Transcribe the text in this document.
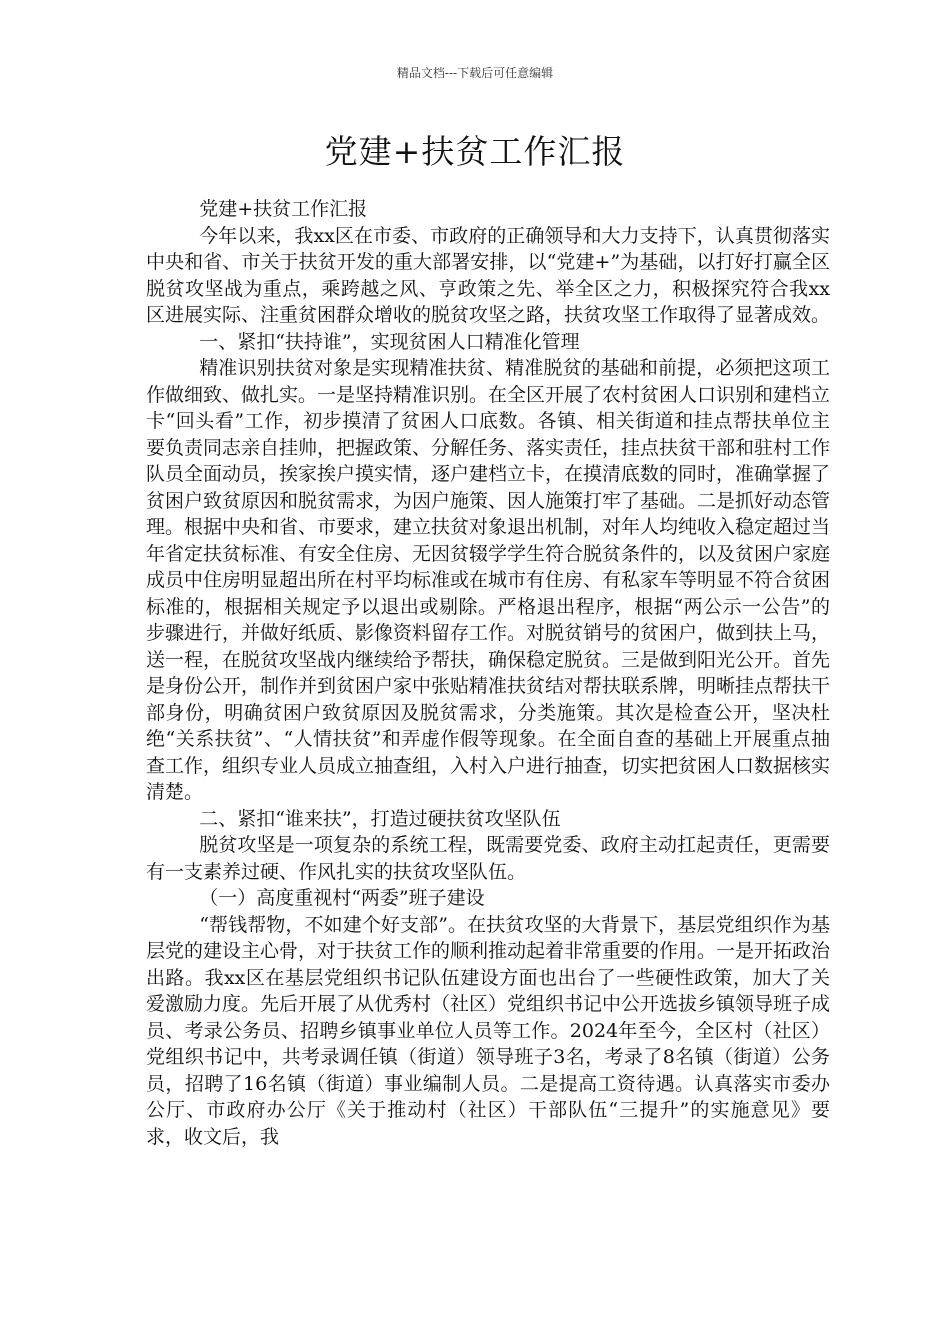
精品文档---下载后可任意编辑
党建+扶贫工作汇报

党建+扶贫工作汇报

今年以来，我xx区在市委、市政府的正确领导和大力支持下，认真贯彻落实中央和省、市关于扶贫开发的重大部署安排，以“党建+”为基础，以打好打赢全区脱贫攻坚战为重点，乘跨越之风、亨政策之先、举全区之力，积极探究符合我xx区进展实际、注重贫困群众增收的脱贫攻坚之路，扶贫攻坚工作取得了显著成效。

一、紧扣“扶持谁”，实现贫困人口精准化管理

精准识别扶贫对象是实现精准扶贫、精准脱贫的基础和前提，必须把这项工作做细致、做扎实。一是坚持精准识别。在全区开展了农村贫困人口识别和建档立卡“回头看”工作，初步摸清了贫困人口底数。各镇、相关街道和挂点帮扶单位主要负责同志亲自挂帅，把握政策、分解任务、落实责任，挂点扶贫干部和驻村工作队员全面动员，挨家挨户摸实情，逐户建档立卡，在摸清底数的同时，准确掌握了贫困户致贫原因和脱贫需求，为因户施策、因人施策打牢了基础。二是抓好动态管理。根据中央和省、市要求，建立扶贫对象退出机制，对年人均纯收入稳定超过当年省定扶贫标准、有安全住房、无因贫辍学学生符合脱贫条件的，以及贫困户家庭成员中住房明显超出所在村平均标准或在城市有住房、有私家车等明显不符合贫困标准的，根据相关规定予以退出或剔除。严格退出程序，根据“两公示一公告”的步骤进行，并做好纸质、影像资料留存工作。对脱贫销号的贫困户，做到扶上马，送一程，在脱贫攻坚战内继续给予帮扶，确保稳定脱贫。三是做到阳光公开。首先是身份公开，制作并到贫困户家中张贴精准扶贫结对帮扶联系牌，明晰挂点帮扶干部身份，明确贫困户致贫原因及脱贫需求，分类施策。其次是检查公开，坚决杜绝“关系扶贫”、“人情扶贫”和弄虚作假等现象。在全面自查的基础上开展重点抽查工作，组织专业人员成立抽查组，入村入户进行抽查，切实把贫困人口数据核实清楚。

二、紧扣“谁来扶”，打造过硬扶贫攻坚队伍

脱贫攻坚是一项复杂的系统工程，既需要党委、政府主动扛起责任，更需要有一支素养过硬、作风扎实的扶贫攻坚队伍。

（一）高度重视村“两委”班子建设

“帮钱帮物，不如建个好支部”。在扶贫攻坚的大背景下，基层党组织作为基层党的建设主心骨，对于扶贫工作的顺利推动起着非常重要的作用。一是开拓政治出路。我xx区在基层党组织书记队伍建设方面也出台了一些硬性政策，加大了关爱激励力度。先后开展了从优秀村（社区）党组织书记中公开选拔乡镇领导班子成员、考录公务员、招聘乡镇事业单位人员等工作。2024年至今，全区村（社区）党组织书记中，共考录调任镇（街道）领导班子3名，考录了8名镇（街道）公务员，招聘了16名镇（街道）事业编制人员。二是提高工资待遇。认真落实市委办公厅、市政府办公厅《关于推动村（社区）干部队伍“三提升”的实施意见》要求，收文后，我
